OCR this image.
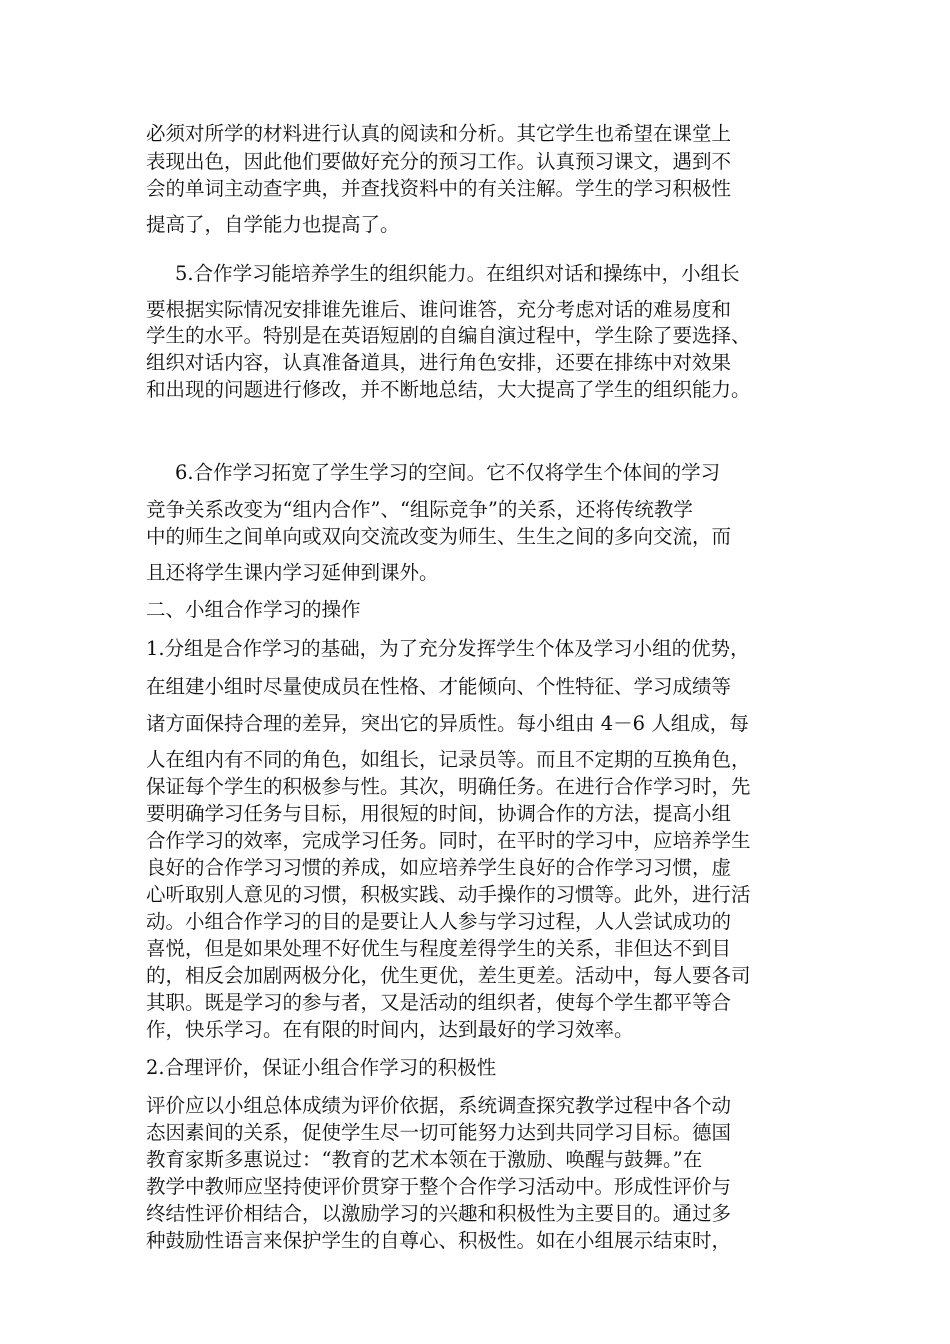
必须对所学的材料进行认真的阅读和分析。其它学生也希望在课堂上
表现出色，因此他们要做好充分的预习工作。认真预习课文，遇到不
会的单词主动查字典，并查找资料中的有关注解。学生的学习积极性
提高了，自学能力也提高了。
5.合作学习能培养学生的组织能力。在组织对话和操练中，小组长
要根据实际情况安排谁先谁后、谁问谁答，充分考虑对话的难易度和
学生的水平。特别是在英语短剧的自编自演过程中，学生除了要选择、
组织对话内容，认真准备道具，进行角色安排，还要在排练中对效果
和出现的问题进行修改，并不断地总结，大大提高了学生的组织能力。
6.合作学习拓宽了学生学习的空间。它不仅将学生个体间的学习
竞争关系改变为“组内合作”、“组际竞争”的关系，还将传统教学
中的师生之间单向或双向交流改变为师生、生生之间的多向交流，而
且还将学生课内学习延伸到课外。
二、小组合作学习的操作
1.分组是合作学习的基础，为了充分发挥学生个体及学习小组的优势，
在组建小组时尽量使成员在性格、才能倾向、个性特征、学习成绩等
诸方面保持合理的差异，突出它的异质性。每小组由 4－6 人组成，每
人在组内有不同的角色，如组长，记录员等。而且不定期的互换角色，
保证每个学生的积极参与性。其次，明确任务。在进行合作学习时，先
要明确学习任务与目标，用很短的时间，协调合作的方法，提高小组
合作学习的效率，完成学习任务。同时，在平时的学习中，应培养学生
良好的合作学习习惯的养成，如应培养学生良好的合作学习习惯，虚
心听取别人意见的习惯，积极实践、动手操作的习惯等。此外，进行活
动。小组合作学习的目的是要让人人参与学习过程，人人尝试成功的
喜悦，但是如果处理不好优生与程度差得学生的关系，非但达不到目
的，相反会加剧两极分化，优生更优，差生更差。活动中，每人要各司
其职。既是学习的参与者，又是活动的组织者，使每个学生都平等合
作，快乐学习。在有限的时间内，达到最好的学习效率。
2.合理评价，保证小组合作学习的积极性
评价应以小组总体成绩为评价依据，系统调查探究教学过程中各个动
态因素间的关系，促使学生尽一切可能努力达到共同学习目标。德国
教育家斯多惠说过：“教育的艺术本领在于激励、唤醒与鼓舞。”在
教学中教师应坚持使评价贯穿于整个合作学习活动中。形成性评价与
终结性评价相结合，以激励学习的兴趣和积极性为主要目的。通过多
种鼓励性语言来保护学生的自尊心、积极性。如在小组展示结束时，
